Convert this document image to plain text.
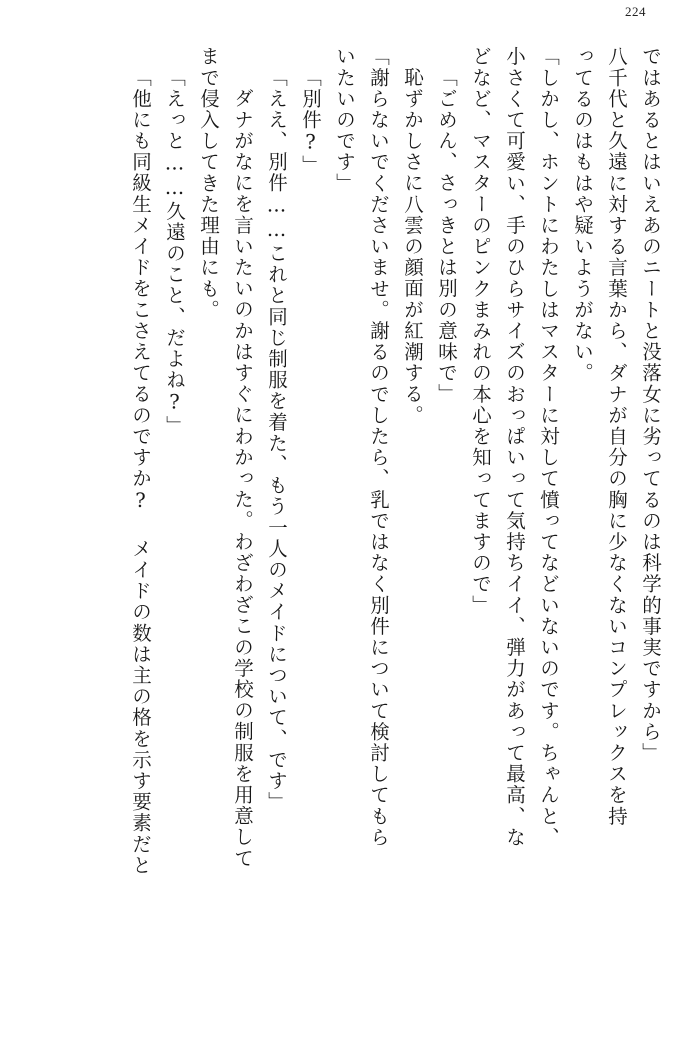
224
ではあるとはいえあのニートと没落女に劣ってるのは科学的事実ですから」
八千代と久遠に対する言葉から、ダナが自分の胸に少なくないコンプレックスを持
ってるのはもはや疑いようがない。
「しかし、ホントにわたしはマスターに対して憤ってなどいないのです。ちゃんと、
小さくて可愛い、手のひらサイズのおっぱいって気持ちイイ、弾力があって最高、な
どなど、マスターのピンクまみれの本心を知ってますので」
「ごめん、さっきとは別の意味で」
恥ずかしさに八雲の顔面が紅潮する。
「謝らないでくださいませ。謝るのでしたら、乳ではなく別件について検討してもら
いたいのです」
「別件?」
「ええ、別件……これと同じ制服を着た、もう一人のメイドについて、です」
ダナがなにを言いたいのかはすぐにわかった。わざわざこの学校の制服を用意して
まで侵入してきた理由にも。
「えっと……久遠のこと、だよね?」
「他にも同級生メイドをこさえてるのですか? メイドの数は主の格を示す要素だと
